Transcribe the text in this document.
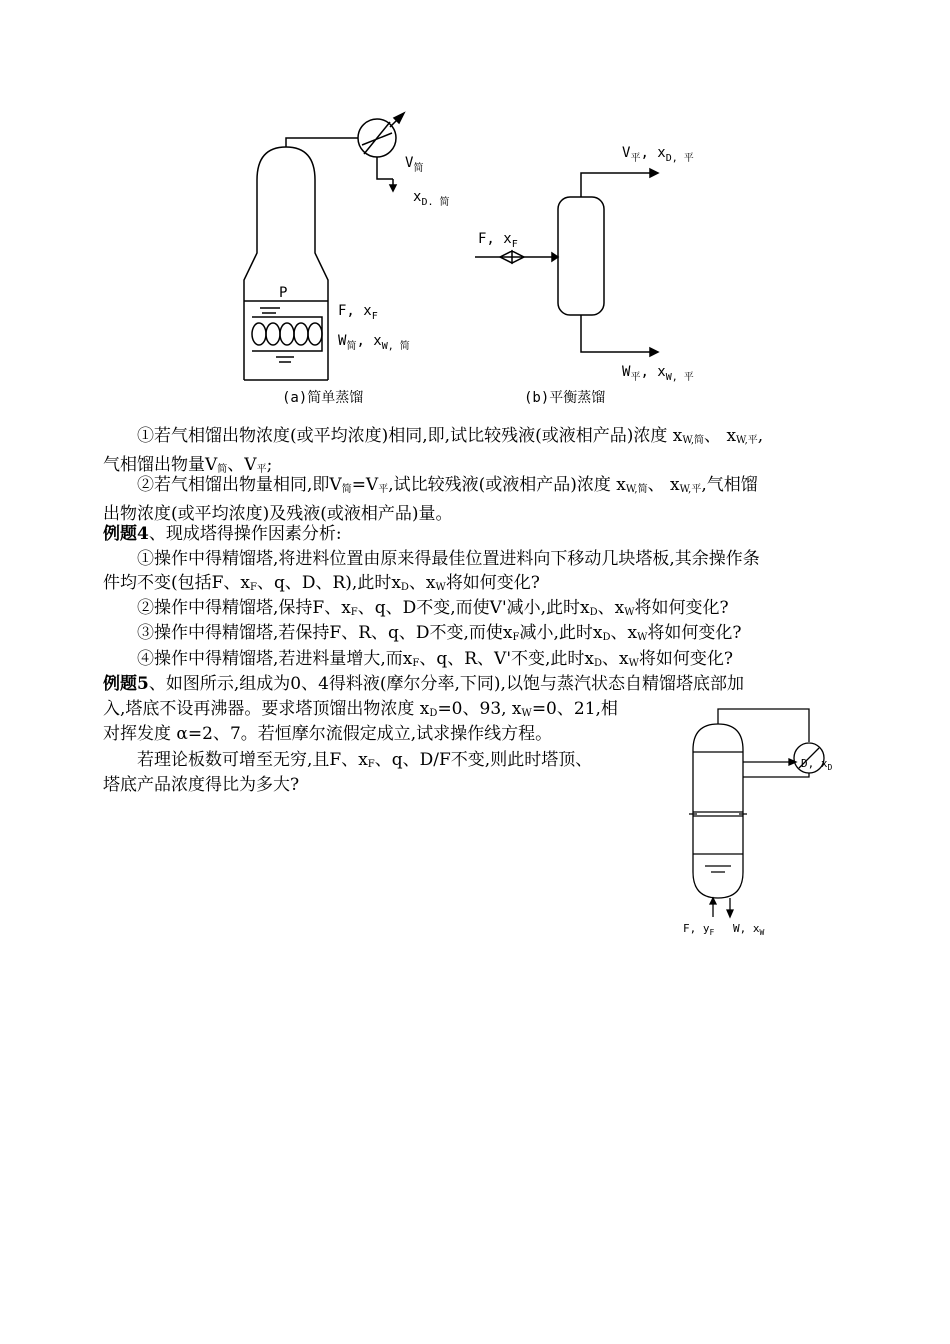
P
$V_简$
$x_{D. 简}$
F, $x_F$
$W_简$, $x_{W, 简}$
(a)简单蒸馏
$V_平$, $x_{D, 平}$
F, $x_F$
$W_平$, $x_{W, 平}$
(b)平衡蒸馏

①若气相馏出物浓度(或平均浓度)相同,即,试比较残液(或液相产品)浓度 $x_{W,简}$、 $x_{W,平}$,
气相馏出物量$V_简$、$V_平$;

②若气相馏出物量相同,即$V_简=V_平$,试比较残液(或液相产品)浓度 $x_{W,简}$、 $x_{W,平}$,气相馏
出物浓度(或平均浓度)及残液(或液相产品)量。

例题4、现成塔得操作因素分析:

①操作中得精馏塔,将进料位置由原来得最佳位置进料向下移动几块塔板,其余操作条
件均不变(包括F、$x_F$、q、D、R),此时$x_D$、$x_W$将如何变化?

②操作中得精馏塔,保持F、$x_F$、q、D不变,而使V'减小,此时$x_D$、$x_W$将如何变化?

③操作中得精馏塔,若保持F、R、q、D不变,而使$x_F$减小,此时$x_D$、$x_W$将如何变化?

④操作中得精馏塔,若进料量增大,而$x_F$、q、R、V'不变,此时$x_D$、$x_W$将如何变化?

例题5、如图所示,组成为0、4得料液(摩尔分率,下同),以饱与蒸汽状态自精馏塔底部加

入,塔底不设再沸器。要求塔顶馏出物浓度 $x_D=0$、93, $x_W=0$、21,相

对挥发度 α=2、7。若恒摩尔流假定成立,试求操作线方程。

若理论板数可增至无穷,且F、$x_F$、q、D/F不变,则此时塔顶、

塔底产品浓度得比为多大?

D, $x_D$
F, $y_F$ W, $x_W$
